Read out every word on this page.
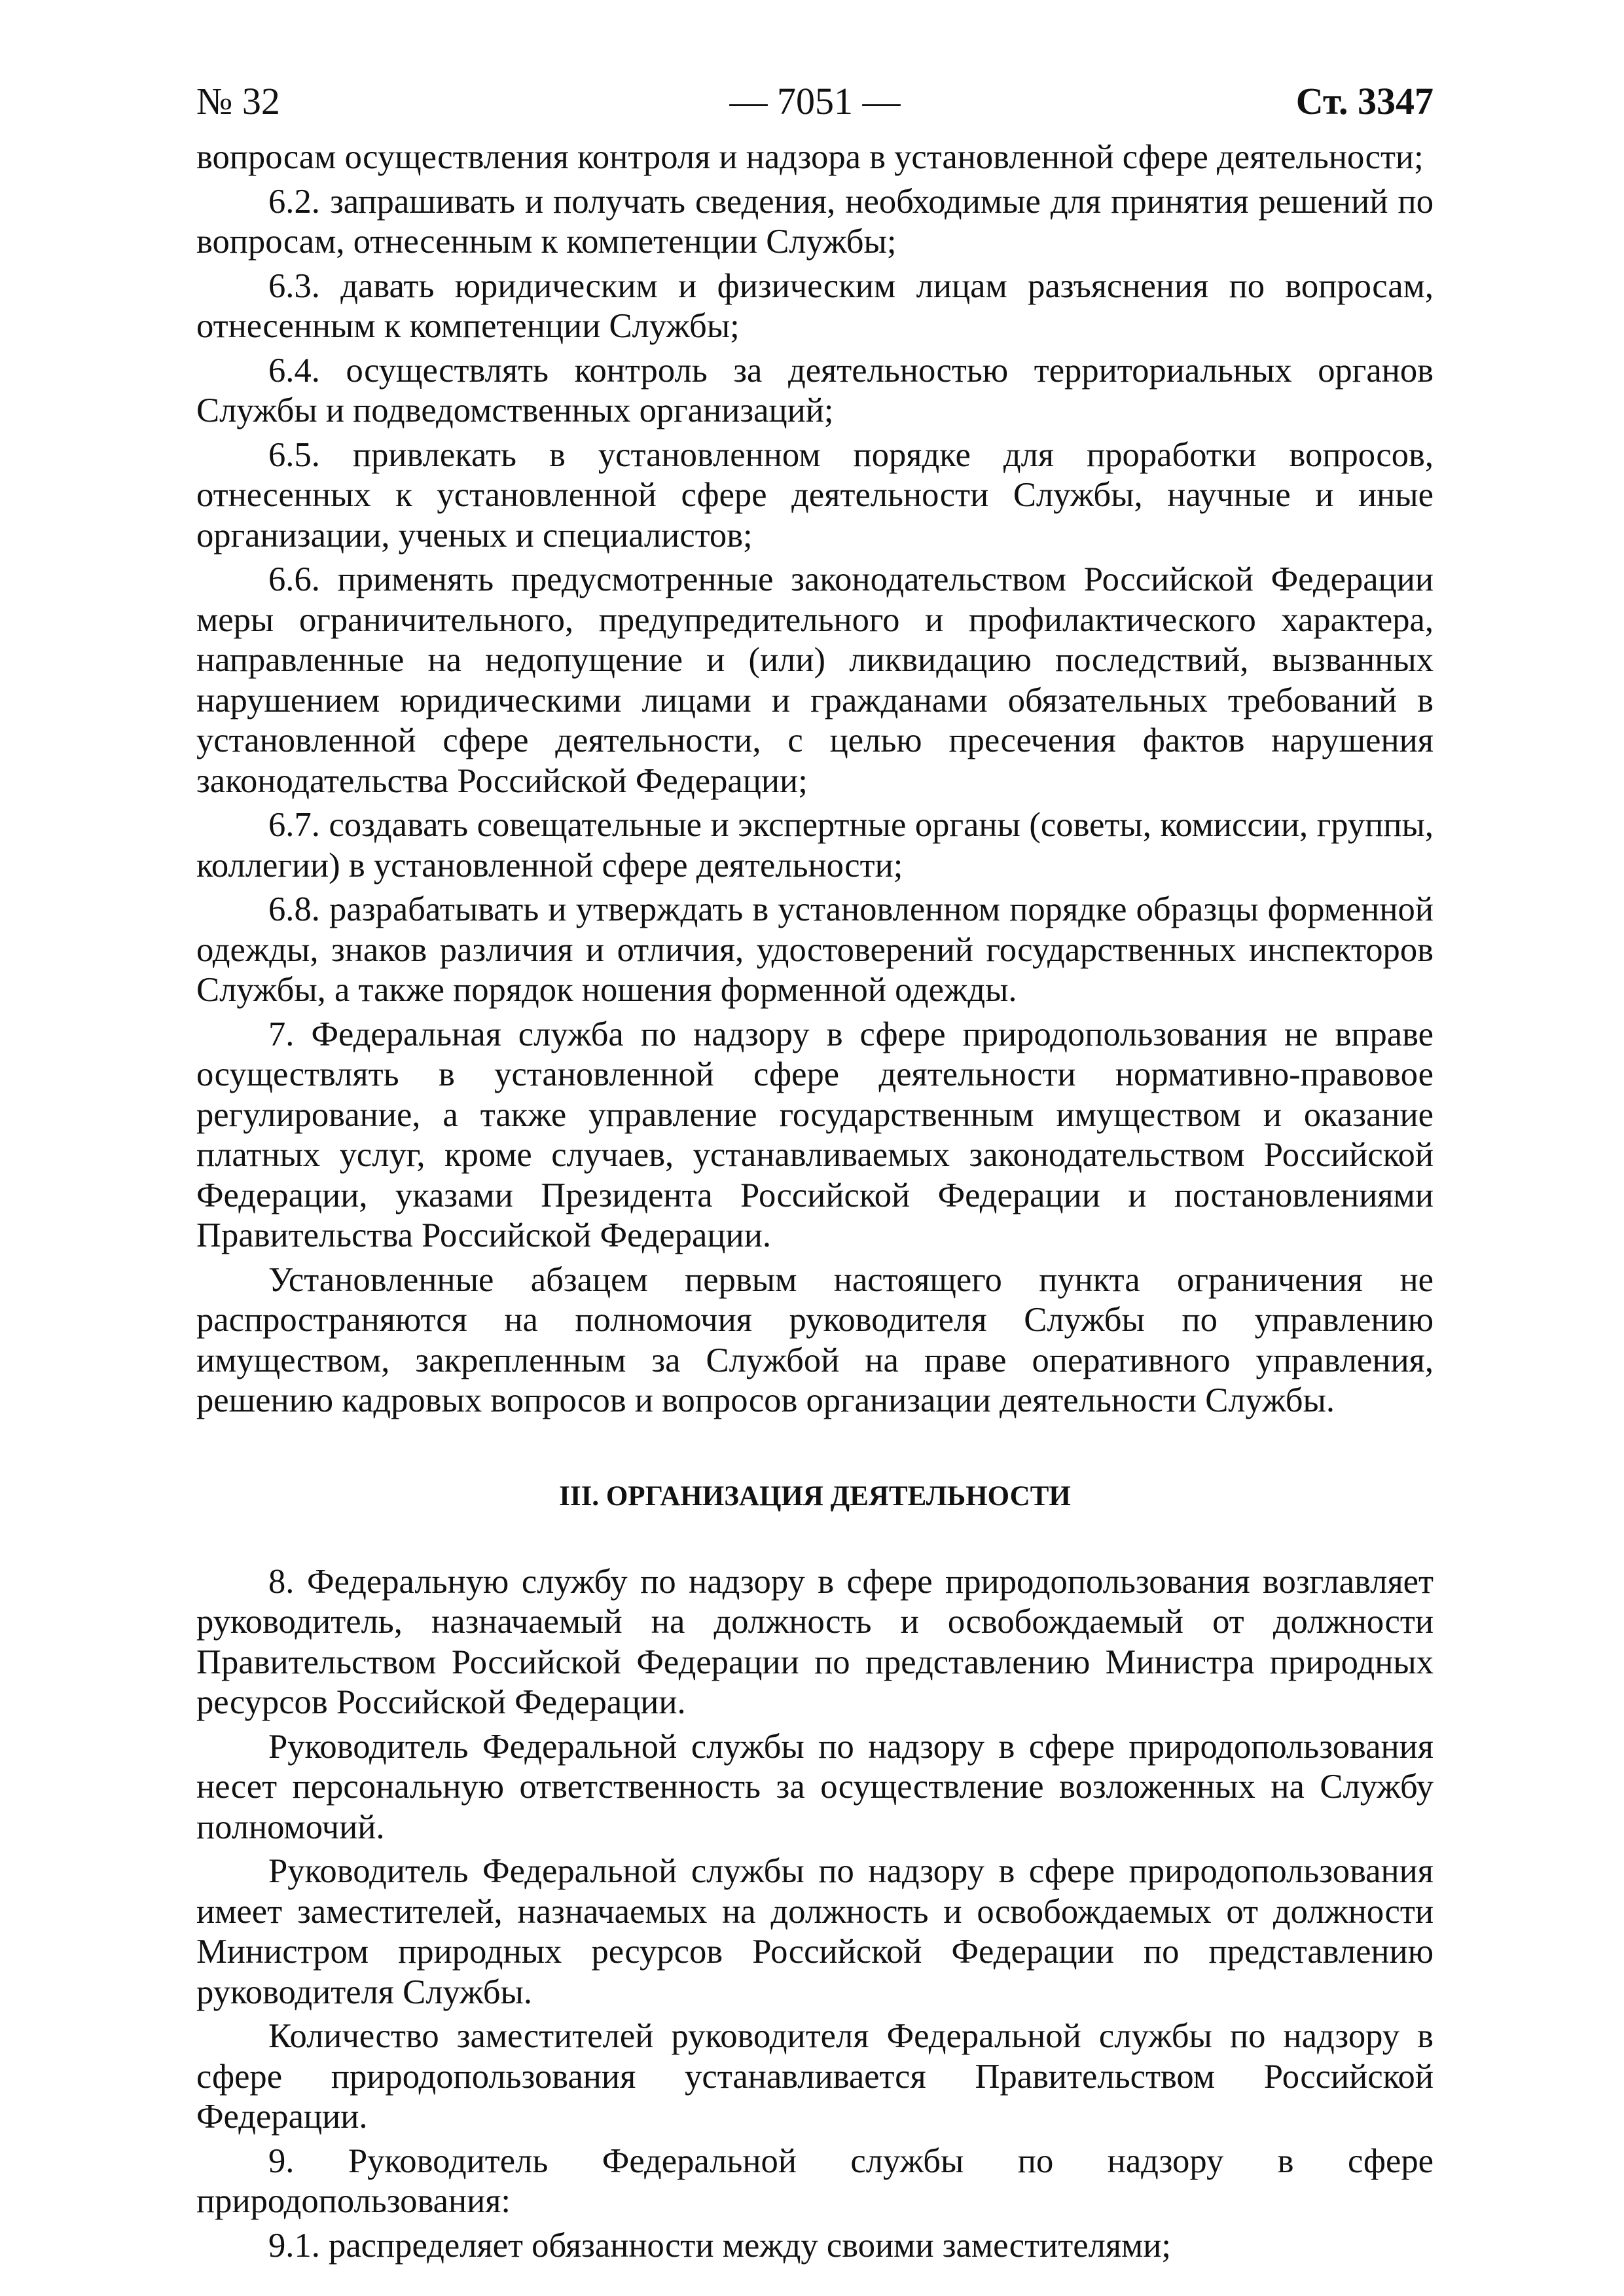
№ 32	— 7051 —	Ст. 3347

вопросам осуществления контроля и надзора в установленной сфере деятельности;

6.2. запрашивать и получать сведения, необходимые для принятия решений по вопросам, отнесенным к компетенции Службы;

6.3. давать юридическим и физическим лицам разъяснения по вопросам, отнесенным к компетенции Службы;

6.4. осуществлять контроль за деятельностью территориальных органов Службы и подведомственных организаций;

6.5. привлекать в установленном порядке для проработки вопросов, отнесенных к установленной сфере деятельности Службы, научные и иные организации, ученых и специалистов;

6.6. применять предусмотренные законодательством Российской Федерации меры ограничительного, предупредительного и профилактического характера, направленные на недопущение и (или) ликвидацию последствий, вызванных нарушением юридическими лицами и гражданами обязательных требований в установленной сфере деятельности, с целью пресечения фактов нарушения законодательства Российской Федерации;

6.7. создавать совещательные и экспертные органы (советы, комиссии, группы, коллегии) в установленной сфере деятельности;

6.8. разрабатывать и утверждать в установленном порядке образцы форменной одежды, знаков различия и отличия, удостоверений государственных инспекторов Службы, а также порядок ношения форменной одежды.

7. Федеральная служба по надзору в сфере природопользования не вправе осуществлять в установленной сфере деятельности нормативно-правовое регулирование, а также управление государственным имуществом и оказание платных услуг, кроме случаев, устанавливаемых законодательством Российской Федерации, указами Президента Российской Федерации и постановлениями Правительства Российской Федерации.

Установленные абзацем первым настоящего пункта ограничения не распространяются на полномочия руководителя Службы по управлению имуществом, закрепленным за Службой на праве оперативного управления, решению кадровых вопросов и вопросов организации деятельности Службы.

III. ОРГАНИЗАЦИЯ ДЕЯТЕЛЬНОСТИ

8. Федеральную службу по надзору в сфере природопользования возглавляет руководитель, назначаемый на должность и освобождаемый от должности Правительством Российской Федерации по представлению Министра природных ресурсов Российской Федерации.

Руководитель Федеральной службы по надзору в сфере природопользования несет персональную ответственность за осуществление возложенных на Службу полномочий.

Руководитель Федеральной службы по надзору в сфере природопользования имеет заместителей, назначаемых на должность и освобождаемых от должности Министром природных ресурсов Российской Федерации по представлению руководителя Службы.

Количество заместителей руководителя Федеральной службы по надзору в сфере природопользования устанавливается Правительством Российской Федерации.

9. Руководитель Федеральной службы по надзору в сфере природопользования:

9.1. распределяет обязанности между своими заместителями;
